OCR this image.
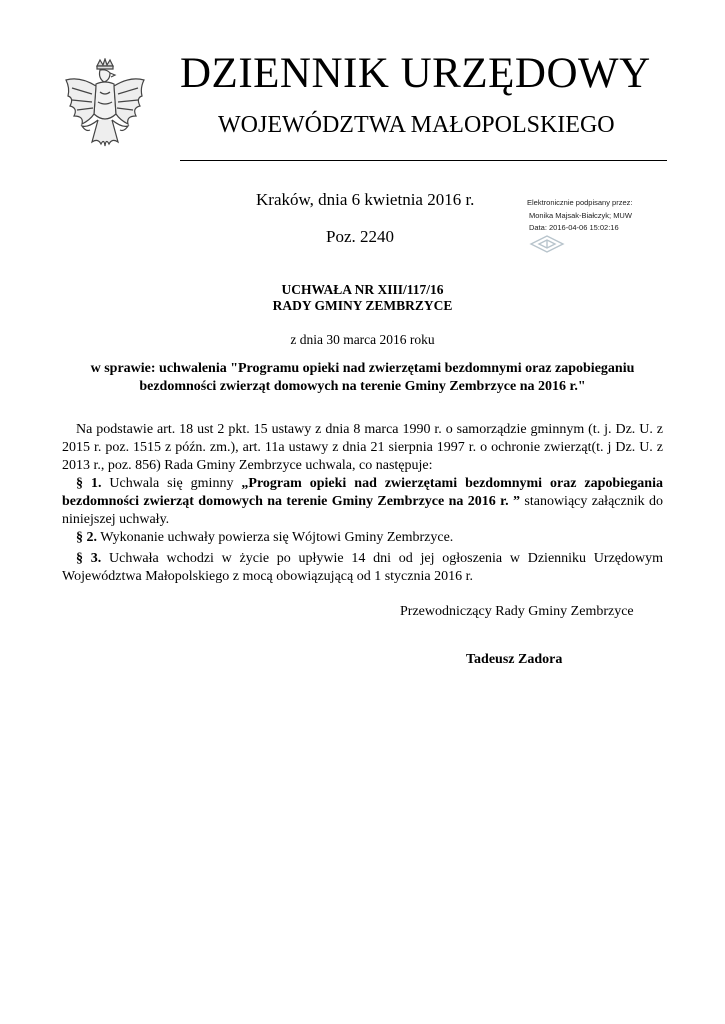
DZIENNIK URZĘDOWY
WOJEWÓDZTWA MAŁOPOLSKIEGO
Kraków, dnia 6 kwietnia 2016 r.
Poz. 2240
Elektronicznie podpisany przez:
Monika Majsak-Białczyk; MUW
Data: 2016-04-06 15:02:16
UCHWAŁA NR XIII/117/16
RADY GMINY ZEMBRZYCE
z dnia 30 marca 2016 roku
w sprawie: uchwalenia "Programu opieki nad zwierzętami bezdomnymi oraz zapobieganiu
bezdomności zwierząt domowych na terenie Gminy Zembrzyce na 2016 r."
Na podstawie art. 18 ust 2 pkt. 15 ustawy z dnia 8 marca 1990 r. o samorządzie gminnym (t. j. Dz. U. z 2015 r. poz. 1515 z późn. zm.), art. 11a ustawy z dnia 21 sierpnia 1997 r. o ochronie zwierząt(t. j Dz. U. z 2013 r., poz. 856) Rada Gminy Zembrzyce uchwala, co następuje:
§ 1. Uchwala się gminny „Program opieki nad zwierzętami bezdomnymi oraz zapobiegania bezdomności zwierząt domowych na terenie Gminy Zembrzyce na 2016 r. ” stanowiący załącznik do niniejszej uchwały.
§ 2. Wykonanie uchwały powierza się Wójtowi Gminy Zembrzyce.
§ 3. Uchwała wchodzi w życie po upływie 14 dni od jej ogłoszenia w Dzienniku Urzędowym Województwa Małopolskiego z mocą obowiązującą od 1 stycznia 2016 r.
Przewodniczący Rady Gminy Zembrzyce
Tadeusz Zadora
